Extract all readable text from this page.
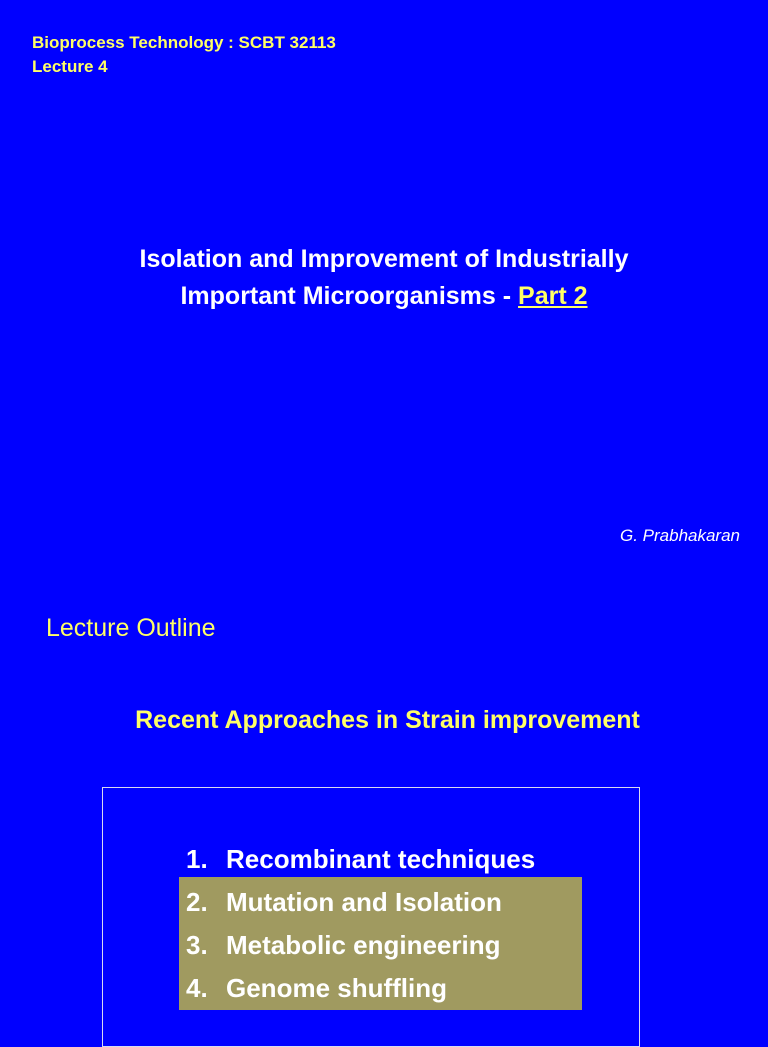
Bioprocess Technology : SCBT 32113
Lecture 4
Isolation and Improvement of Industrially
Important Microorganisms - Part 2
G. Prabhakaran
Lecture Outline
Recent Approaches in Strain improvement
1. Recombinant techniques
2. Mutation and Isolation
3. Metabolic engineering
4. Genome shuffling
